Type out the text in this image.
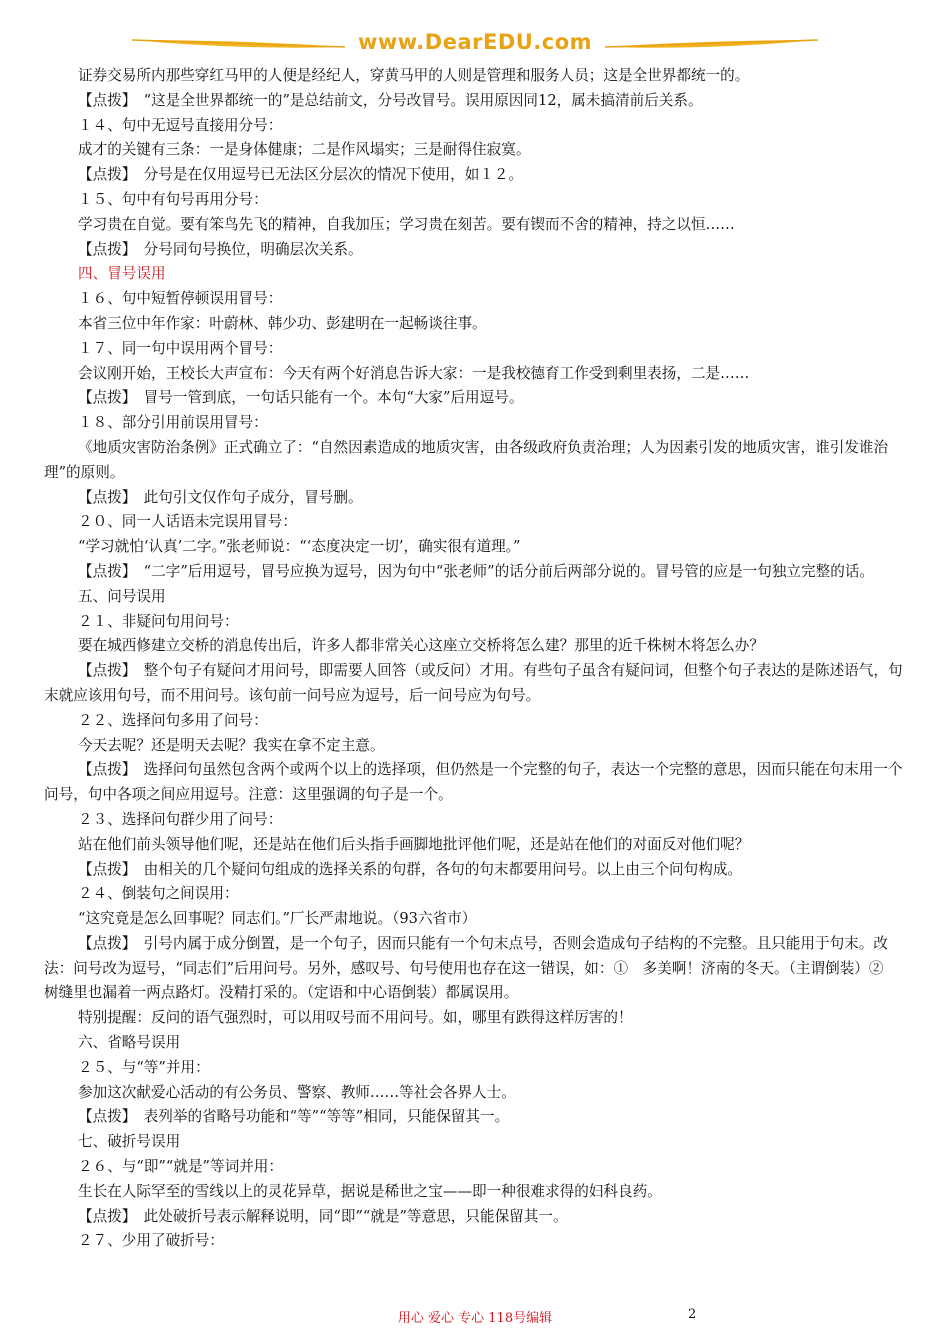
www.DearEDU.com

证券交易所内那些穿红马甲的人便是经纪人，穿黄马甲的人则是管理和服务人员；这是全世界都统一的。

【点拨】　“这是全世界都统一的”是总结前文，分号改冒号。误用原因同12，属未搞清前后关系。

１４、句中无逗号直接用分号：

成才的关键有三条：一是身体健康；二是作风塌实；三是耐得住寂寞。

【点拨】　分号是在仅用逗号已无法区分层次的情况下使用，如１２。

１５、句中有句号再用分号：

学习贵在自觉。要有笨鸟先飞的精神，自我加压；学习贵在刻苦。要有锲而不舍的精神，持之以恒……

【点拨】　分号同句号换位，明确层次关系。

四、冒号误用

１６、句中短暂停顿误用冒号：

本省三位中年作家：叶蔚林、韩少功、彭建明在一起畅谈往事。

１７、同一句中误用两个冒号：

会议刚开始，王校长大声宣布：今天有两个好消息告诉大家：一是我校德育工作受到剩里表扬，二是……

【点拨】　冒号一管到底，一句话只能有一个。本句“大家”后用逗号。

１８、部分引用前误用冒号：

《地质灾害防治条例》正式确立了：“自然因素造成的地质灾害，由各级政府负责治理；人为因素引发的地质灾害，谁引发谁治理”的原则。

【点拨】　此句引文仅作句子成分，冒号删。

２０、同一人话语未完误用冒号：

“学习就怕‘认真’二字。”张老师说：“‘态度决定一切’，确实很有道理。”

【点拨】　“二字”后用逗号，冒号应换为逗号，因为句中“张老师”的话分前后两部分说的。冒号管的应是一句独立完整的话。

五、问号误用

２１、非疑问句用问号：

要在城西修建立交桥的消息传出后，许多人都非常关心这座立交桥将怎么建？那里的近千株树木将怎么办？

【点拨】　整个句子有疑问才用问号，即需要人回答（或反问）才用。有些句子虽含有疑问词，但整个句子表达的是陈述语气，句末就应该用句号，而不用问号。该句前一问号应为逗号，后一问号应为句号。

２２、选择问句多用了问号：

今天去呢？还是明天去呢？我实在拿不定主意。

【点拨】　选择问句虽然包含两个或两个以上的选择项，但仍然是一个完整的句子，表达一个完整的意思，因而只能在句末用一个问号，句中各项之间应用逗号。注意：这里强调的句子是一个。

２３、选择问句群少用了问号：

站在他们前头领导他们呢，还是站在他们后头指手画脚地批评他们呢，还是站在他们的对面反对他们呢？

【点拨】　由相关的几个疑问句组成的选择关系的句群，各句的句末都要用问号。以上由三个问句构成。

２４、倒装句之间误用：

“这究竟是怎么回事呢？同志们。”厂长严肃地说。（93六省市）

【点拨】　引号内属于成分倒置，是一个句子，因而只能有一个句末点号，否则会造成句子结构的不完整。且只能用于句末。改法：问号改为逗号，“同志们”后用问号。另外，感叹号、句号使用也存在这一错误，如：①　多美啊！济南的冬天。（主谓倒装）②　树缝里也漏着一两点路灯。没精打采的。（定语和中心语倒装）都属误用。

特别提醒：反问的语气强烈时，可以用叹号而不用问号。如，哪里有跌得这样厉害的！

六、省略号误用

２５、与“等”并用：

参加这次献爱心活动的有公务员、警察、教师……等社会各界人士。

【点拨】　表列举的省略号功能和“等”“等等”相同，只能保留其一。

七、破折号误用

２６、与“即”“就是”等词并用：

生长在人际罕至的雪线以上的灵花异草，据说是稀世之宝——即一种很难求得的妇科良药。

【点拨】　此处破折号表示解释说明，同“即”“就是”等意思，只能保留其一。

２７、少用了破折号：

用心 爱心 专心 118号编辑	2
